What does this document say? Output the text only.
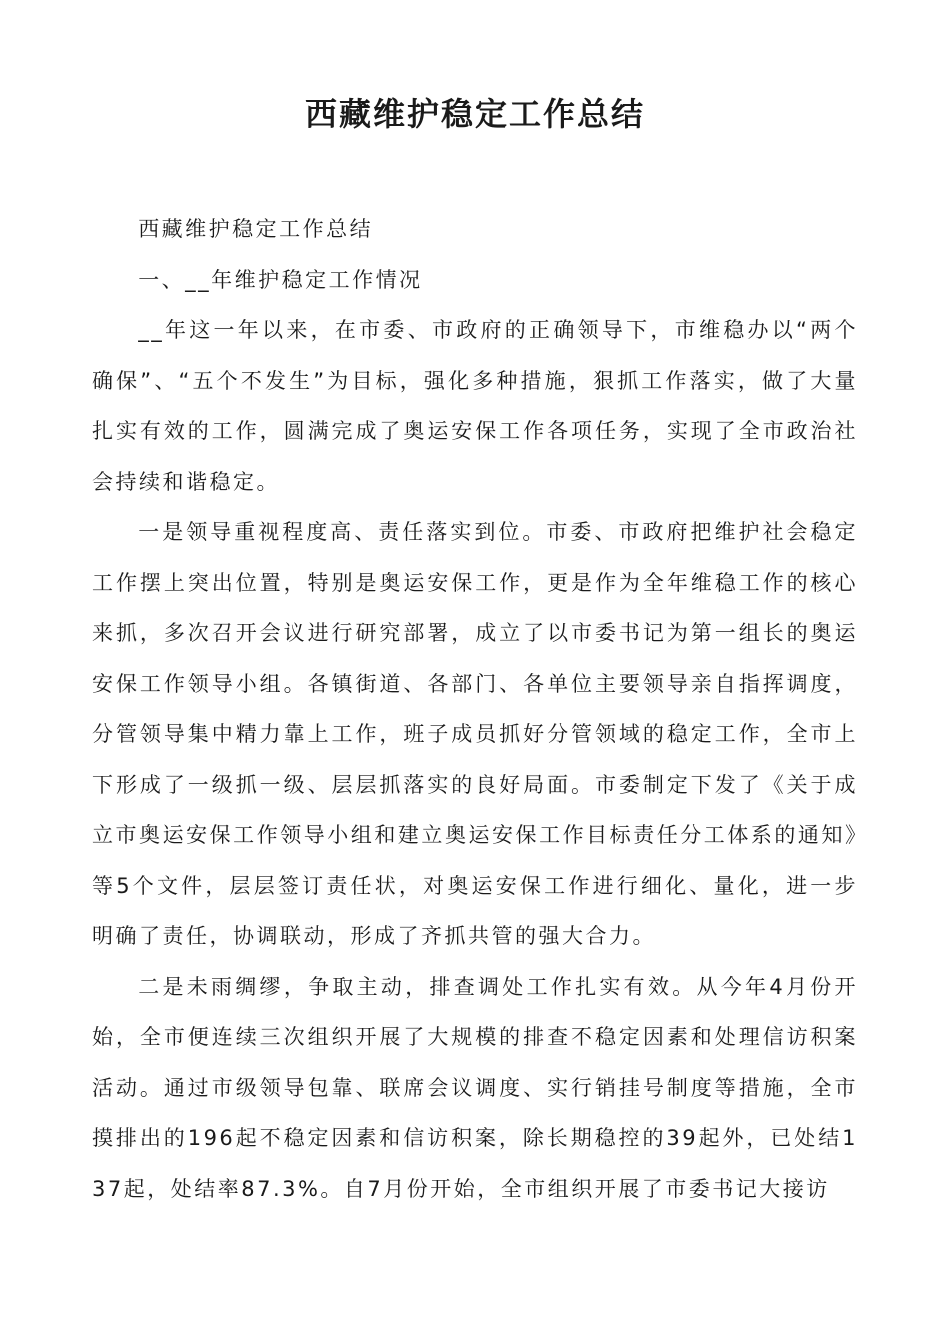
西藏维护稳定工作总结

西藏维护稳定工作总结

一、__年维护稳定工作情况

__年这一年以来，在市委、市政府的正确领导下，市维稳办以“两个确保”、“五个不发生”为目标，强化多种措施，狠抓工作落实，做了大量扎实有效的工作，圆满完成了奥运安保工作各项任务，实现了全市政治社会持续和谐稳定。

一是领导重视程度高、责任落实到位。市委、市政府把维护社会稳定工作摆上突出位置，特别是奥运安保工作，更是作为全年维稳工作的核心来抓，多次召开会议进行研究部署，成立了以市委书记为第一组长的奥运安保工作领导小组。各镇街道、各部门、各单位主要领导亲自指挥调度，分管领导集中精力靠上工作，班子成员抓好分管领域的稳定工作，全市上下形成了一级抓一级、层层抓落实的良好局面。市委制定下发了《关于成立市奥运安保工作领导小组和建立奥运安保工作目标责任分工体系的通知》等5个文件，层层签订责任状，对奥运安保工作进行细化、量化，进一步明确了责任，协调联动，形成了齐抓共管的强大合力。

二是未雨绸缪，争取主动，排查调处工作扎实有效。从今年4月份开始，全市便连续三次组织开展了大规模的排查不稳定因素和处理信访积案活动。通过市级领导包靠、联席会议调度、实行销挂号制度等措施，全市摸排出的196起不稳定因素和信访积案，除长期稳控的39起外，已处结137起，处结率87.3%。自7月份开始，全市组织开展了市委书记大接访
